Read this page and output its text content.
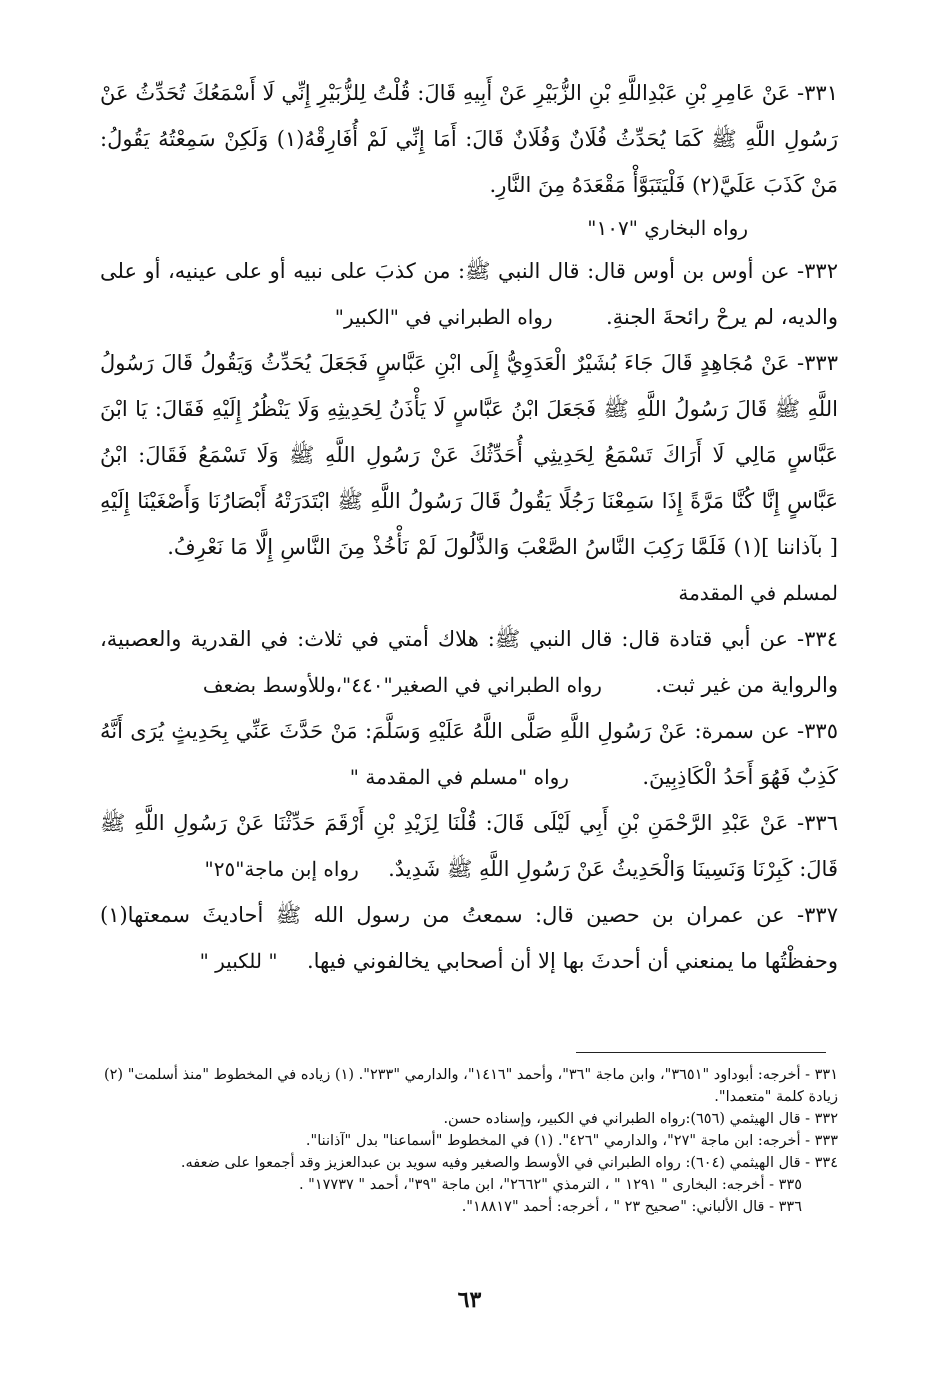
٣٣١- عَنْ عَامِرِ بْنِ عَبْدِاللَّهِ بْنِ الزُّبَيْرِ عَنْ أَبِيهِ قَالَ: قُلْتُ لِلزُّبَيْرِ إِنِّي لَا أَسْمَعُكَ تُحَدِّثُ عَنْ رَسُولِ اللَّهِ ﷺ كَمَا يُحَدِّثُ فُلَانٌ وَفُلَانٌ قَالَ: أَمَا إِنِّي لَمْ أُفَارِقْهُ(١) وَلَكِنْ سَمِعْتُهُ يَقُولُ: مَنْ كَذَبَ عَلَيَّ(٢) فَلْيَتَبَوَّأْ مَقْعَدَهُ مِنَ النَّارِ.

رواه البخاري "١٠٧"

٣٣٢- عن أوس بن أوس قال: قال النبي ﷺ: من كذبَ على نبيه أو على عينيه، أو على والديه، لم يرحْ رائحةَ الجنةِ.  رواه الطبراني في "الكبير"

٣٣٣- عَنْ مُجَاهِدٍ قَالَ جَاءَ بُشَيْرٌ الْعَدَوِيُّ إِلَى ابْنِ عَبَّاسٍ فَجَعَلَ يُحَدِّثُ وَيَقُولُ قَالَ رَسُولُ اللَّهِ ﷺ قَالَ رَسُولُ اللَّهِ ﷺ فَجَعَلَ ابْنُ عَبَّاسٍ لَا يَأْذَنُ لِحَدِيثِهِ وَلَا يَنْظُرُ إِلَيْهِ فَقَالَ: يَا ابْنَ عَبَّاسٍ مَالِي لَا أَرَاكَ تَسْمَعُ لِحَدِيثِي أُحَدِّثُكَ عَنْ رَسُولِ اللَّهِ ﷺ وَلَا تَسْمَعُ فَقَالَ: ابْنُ عَبَّاسٍ إِنَّا كُنَّا مَرَّةً إِذَا سَمِعْنَا رَجُلًا يَقُولُ قَالَ رَسُولُ اللَّهِ ﷺ ابْتَدَرَتْهُ أَبْصَارُنَا وَأَصْغَيْنَا إِلَيْهِ [ بآذاننا ](١) فَلَمَّا رَكِبَ النَّاسُ الصَّعْبَ وَالذَّلُولَ لَمْ نَأْخُذْ مِنَ النَّاسِ إِلَّا مَا نَعْرِفُ.  لمسلم في المقدمة

٣٣٤- عن أبي قتادة قال: قال النبي ﷺ: هلاك أمتي في ثلاث: في القدرية والعصبية، والرواية من غير ثبت.  رواه الطبراني في الصغير"٤٤٠"،وللأوسط بضعف

٣٣٥- عن سمرة: عَنْ رَسُولِ اللَّهِ صَلَّى اللَّهُ عَلَيْهِ وَسَلَّمَ: مَنْ حَدَّثَ عَنِّي بِحَدِيثٍ يُرَى أَنَّهُ كَذِبٌ فَهُوَ أَحَدُ الْكَاذِبِينَ.  رواه "مسلم في المقدمة "

٣٣٦- عَنْ عَبْدِ الرَّحْمَنِ بْنِ أَبِي لَيْلَى قَالَ: قُلْنَا لِزَيْدِ بْنِ أَرْقَمَ حَدِّثْنَا عَنْ رَسُولِ اللَّهِ ﷺ قَالَ: كَبِرْنَا وَنَسِينَا وَالْحَدِيثُ عَنْ رَسُولِ اللَّهِ ﷺ شَدِيدٌ.  رواه إبن ماجة"٢٥"

٣٣٧- عن عمران بن حصين قال: سمعتُ من رسول الله ﷺ أحاديثَ سمعتها(١) وحفظْتُها ما يمنعني أن أحدثَ بها إلا أن أصحابي يخالفوني فيها.  " للكبير "

٣٣١ - أخرجه: أبوداود "٣٦٥١"، وابن ماجة "٣٦"، وأحمد "١٤١٦"، والدارمي "٢٣٣". (١) زياده في المخطوط "منذ أسلمت" (٢) زيادة كلمة "متعمدا".

٣٣٢ - قال الهيثمي (٦٥٦):رواه الطبراني في الكبير، وإسناده حسن.

٣٣٣ - أخرجه: ابن ماجة "٢٧"، والدارمي "٤٢٦". (١) في المخطوط "أسماعنا" بدل "آذاننا".

٣٣٤ - قال الهيثمي (٦٠٤): رواه الطبراني في الأوسط والصغير وفيه سويد بن عبدالعزيز وقد أجمعوا على ضعفه.

٣٣٥ - أخرجه: البخارى " ١٢٩١ " ، الترمذي "٢٦٦٢"، ابن ماجة "٣٩"، أحمد " ١٧٧٣٧" .

٣٣٦ - قال الألباني: "صحيح ٢٣ " ، أخرجه: أحمد "١٨٨١٧".

٦٣
